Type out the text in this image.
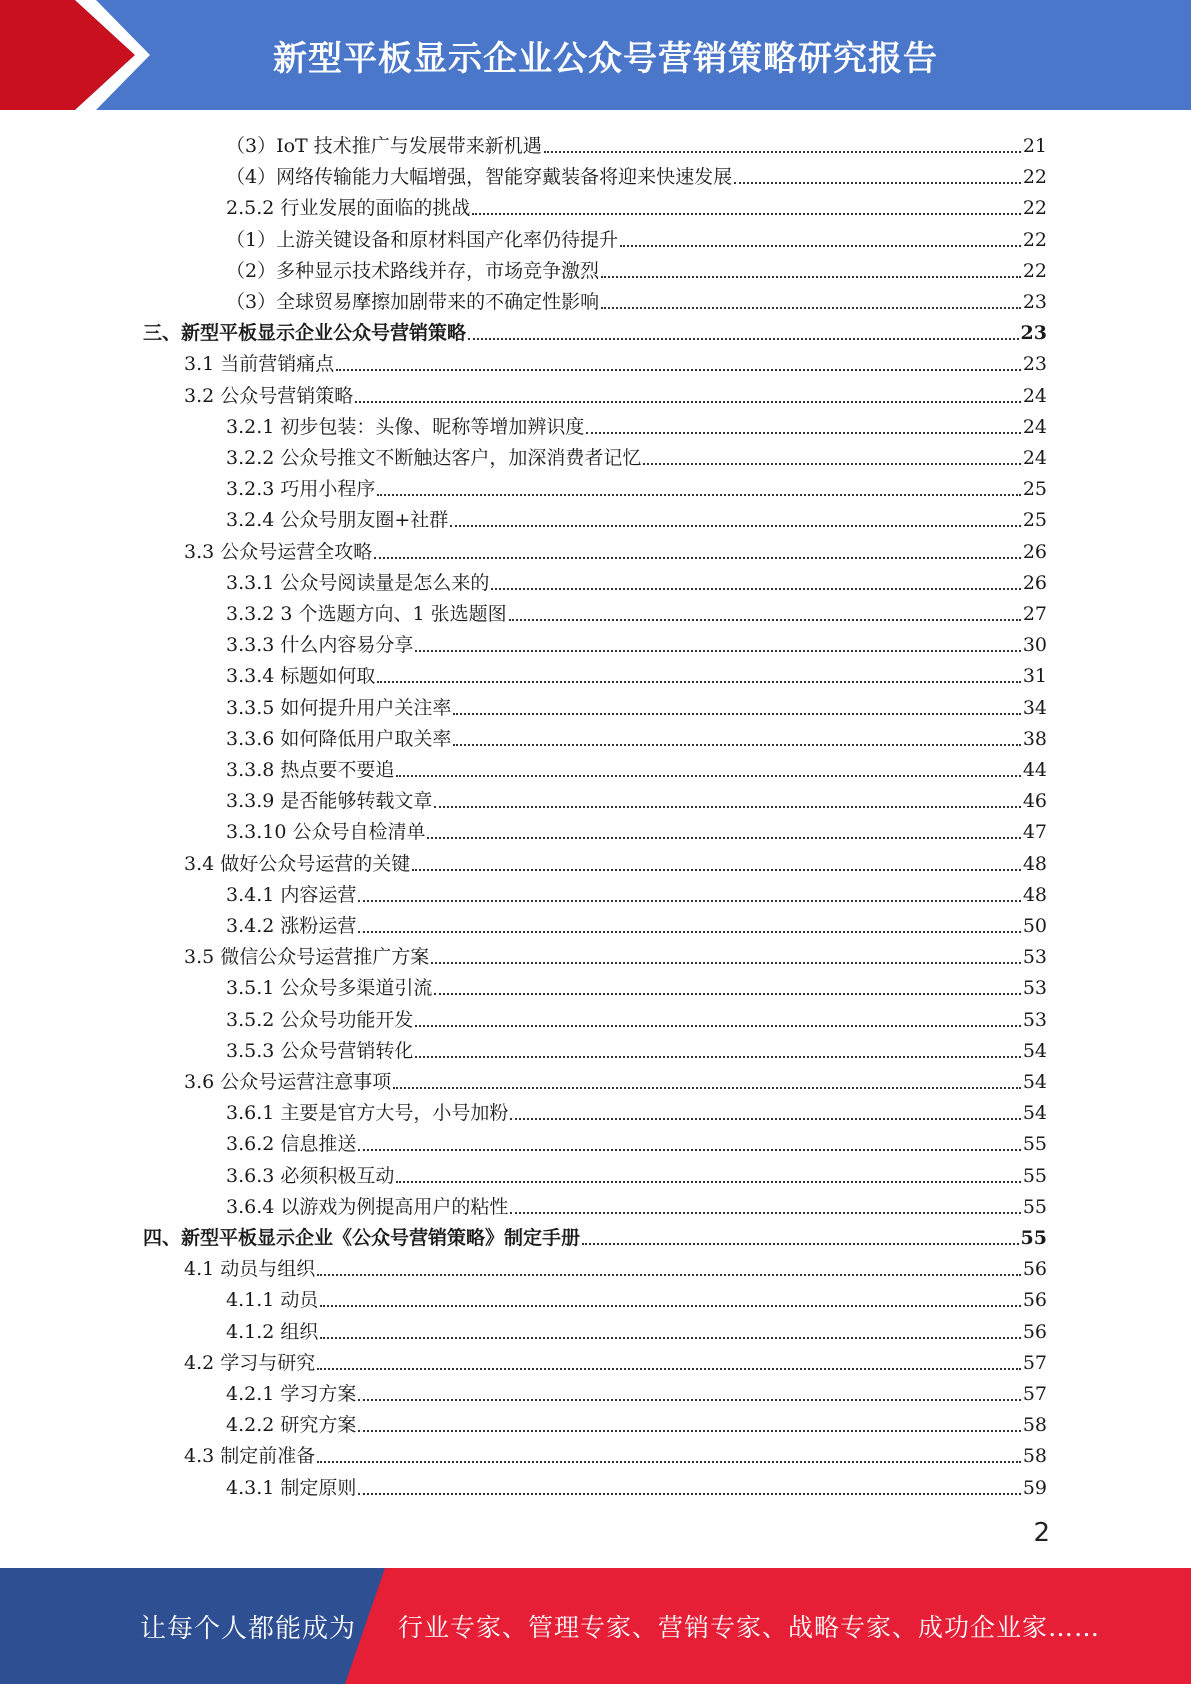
新型平板显示企业公众号营销策略研究报告
（3）IoT 技术推广与发展带来新机遇	21
（4）网络传输能力大幅增强，智能穿戴装备将迎来快速发展	22
2.5.2 行业发展的面临的挑战	22
（1）上游关键设备和原材料国产化率仍待提升	22
（2）多种显示技术路线并存，市场竞争激烈	22
（3）全球贸易摩擦加剧带来的不确定性影响	23
三、新型平板显示企业公众号营销策略	23
3.1 当前营销痛点	23
3.2 公众号营销策略	24
3.2.1 初步包装：头像、昵称等增加辨识度	24
3.2.2 公众号推文不断触达客户，加深消费者记忆	24
3.2.3 巧用小程序	25
3.2.4 公众号朋友圈+社群	25
3.3 公众号运营全攻略	26
3.3.1 公众号阅读量是怎么来的	26
3.3.2 3 个选题方向、1 张选题图	27
3.3.3 什么内容易分享	30
3.3.4 标题如何取	31
3.3.5 如何提升用户关注率	34
3.3.6 如何降低用户取关率	38
3.3.8 热点要不要追	44
3.3.9 是否能够转载文章	46
3.3.10 公众号自检清单	47
3.4 做好公众号运营的关键	48
3.4.1 内容运营	48
3.4.2 涨粉运营	50
3.5 微信公众号运营推广方案	53
3.5.1 公众号多渠道引流	53
3.5.2 公众号功能开发	53
3.5.3 公众号营销转化	54
3.6 公众号运营注意事项	54
3.6.1 主要是官方大号，小号加粉	54
3.6.2 信息推送	55
3.6.3 必须积极互动	55
3.6.4 以游戏为例提高用户的粘性	55
四、新型平板显示企业《公众号营销策略》制定手册	55
4.1 动员与组织	56
4.1.1 动员	56
4.1.2 组织	56
4.2 学习与研究	57
4.2.1 学习方案	57
4.2.2 研究方案	58
4.3 制定前准备	58
4.3.1 制定原则	59
2
让每个人都能成为 行业专家、管理专家、营销专家、战略专家、成功企业家……
